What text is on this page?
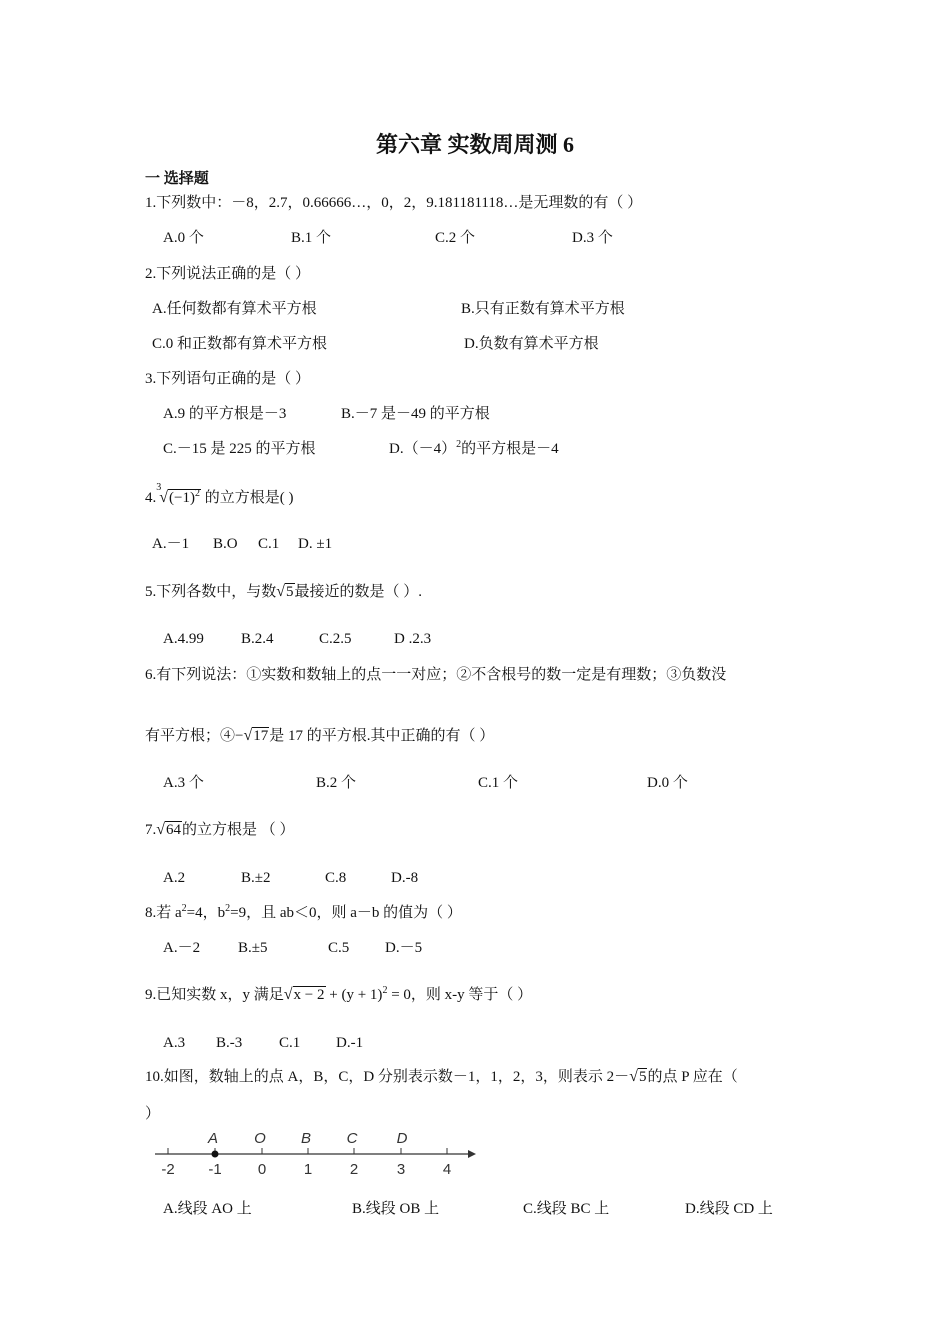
第六章 实数周周测 6
一 选择题
1.下列数中：－8，2.7，0.66666…，0，2，9.181181118…是无理数的有（ ）
A.0 个	B.1 个	C.2 个	D.3 个
2.下列说法正确的是（ ）
A.任何数都有算术平方根	B.只有正数有算术平方根
C.0 和正数都有算术平方根	D.负数有算术平方根
3.下列语句正确的是（ ）
A.9 的平方根是－3	B.－7 是－49 的平方根
C.－15 是 225 的平方根	$D.(-4)^2$的平方根是－4
$4.^3√(-1)^2$ 的立方根是( )
A.－1 B.O C.1 D. ±1
5.下列各数中，与数√5最接近的数是（ ）.
A.4.99 B.2.4	C.2.5	D .2.3
6.有下列说法：①实数和数轴上的点一一对应；②不含根号的数一定是有理数；③负数没
有平方根；④−√17是 17 的平方根.其中正确的有（ ）
A.3 个	B.2 个	C.1 个	D.0 个
7.√64的立方根是 （ ）
A.2	B.±2	C.8	D.-8
8.若 $a^2=4$，$b^2=9$，且 ab＜0，则 a－b 的值为（ ）
A.－2	B.±5	C.5 D.－5
9.已知实数 x，y 满足$√x - 2 + (y + 1)^2 = 0$，则 x-y 等于（ ）
A.3 B.-3 C.1 D.-1
10.如图，数轴上的点 A，B，C，D 分别表示数－1，1，2，3，则表示 2－√5的点 P 应在（
）
-2 -1 0	1	2	3	4
A O B C	D
A.线段 AO 上	B.线段 OB 上	C.线段 BC 上	D.线段 CD 上
